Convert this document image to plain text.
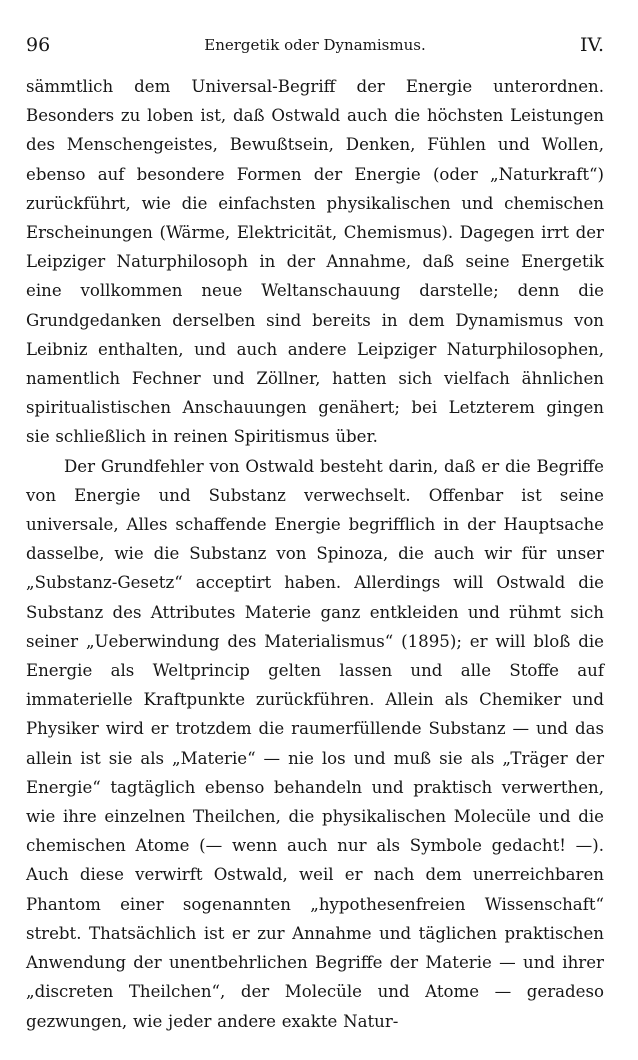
96	Energetik oder Dynamismus.	IV.

sämmtlich dem Universal-Begriff der Energie unterordnen. Besonders zu loben ist, daß Ostwald auch die höchsten Leistungen des Menschengeistes, Bewußtsein, Denken, Fühlen und Wollen, ebenso auf besondere Formen der Energie (oder „Naturkraft“) zurückführt, wie die einfachsten physikalischen und chemischen Erscheinungen (Wärme, Elektricität, Chemismus). Dagegen irrt der Leipziger Naturphilosoph in der Annahme, daß seine Energetik eine vollkommen neue Weltanschauung darstelle; denn die Grundgedanken derselben sind bereits in dem Dynamismus von Leibniz enthalten, und auch andere Leipziger Naturphilosophen, namentlich Fechner und Zöllner, hatten sich vielfach ähnlichen spiritualistischen Anschauungen genähert; bei Letzterem gingen sie schließlich in reinen Spiritismus über.

Der Grundfehler von Ostwald besteht darin, daß er die Begriffe von Energie und Substanz verwechselt. Offenbar ist seine universale, Alles schaffende Energie begrifflich in der Hauptsache dasselbe, wie die Substanz von Spinoza, die auch wir für unser „Substanz-Gesetz“ acceptirt haben. Allerdings will Ostwald die Substanz des Attributes Materie ganz entkleiden und rühmt sich seiner „Ueberwindung des Materialismus“ (1895); er will bloß die Energie als Weltprincip gelten lassen und alle Stoffe auf immaterielle Kraftpunkte zurückführen. Allein als Chemiker und Physiker wird er trotzdem die raumerfüllende Substanz — und das allein ist sie als „Materie“ — nie los und muß sie als „Träger der Energie“ tagtäglich ebenso behandeln und praktisch verwerthen, wie ihre einzelnen Theilchen, die physikalischen Molecüle und die chemischen Atome (— wenn auch nur als Symbole gedacht! —). Auch diese verwirft Ostwald, weil er nach dem unerreichbaren Phantom einer sogenannten „hypothesenfreien Wissenschaft“ strebt. Thatsächlich ist er zur Annahme und täglichen praktischen Anwendung der unentbehrlichen Begriffe der Materie — und ihrer „discreten Theilchen“, der Molecüle und Atome — geradeso gezwungen, wie jeder andere exakte Natur-
